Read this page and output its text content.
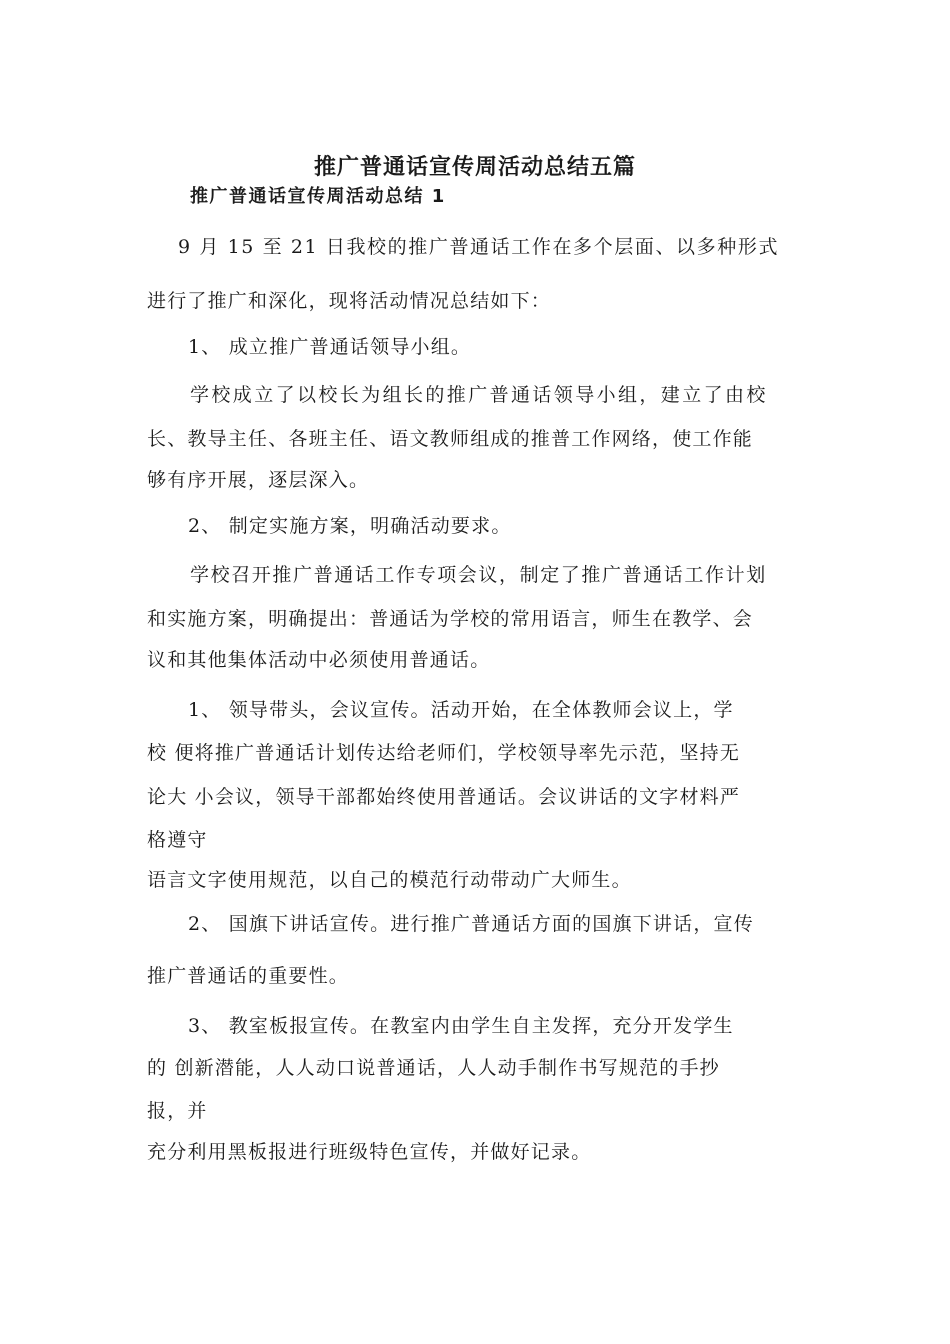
推广普通话宣传周活动总结五篇
推广普通话宣传周活动总结 1
9 月 15 至 21 日我校的推广普通话工作在多个层面、以多种形式
进行了推广和深化，现将活动情况总结如下：
1、 成立推广普通话领导小组。
学校成立了以校长为组长的推广普通话领导小组，建立了由校
长、教导主任、各班主任、语文教师组成的推普工作网络，使工作能
够有序开展，逐层深入。
2、 制定实施方案，明确活动要求。
学校召开推广普通话工作专项会议，制定了推广普通话工作计划
和实施方案，明确提出：普通话为学校的常用语言，师生在教学、会
议和其他集体活动中必须使用普通话。
1、 领导带头，会议宣传。活动开始，在全体教师会议上，学
校 便将推广普通话计划传达给老师们，学校领导率先示范，坚持无
论大 小会议，领导干部都始终使用普通话。会议讲话的文字材料严
格遵守
语言文字使用规范，以自己的模范行动带动广大师生。
2、 国旗下讲话宣传。进行推广普通话方面的国旗下讲话，宣传
推广普通话的重要性。
3、 教室板报宣传。在教室内由学生自主发挥，充分开发学生
的 创新潜能，人人动口说普通话，人人动手制作书写规范的手抄
报，并
充分利用黑板报进行班级特色宣传，并做好记录。
